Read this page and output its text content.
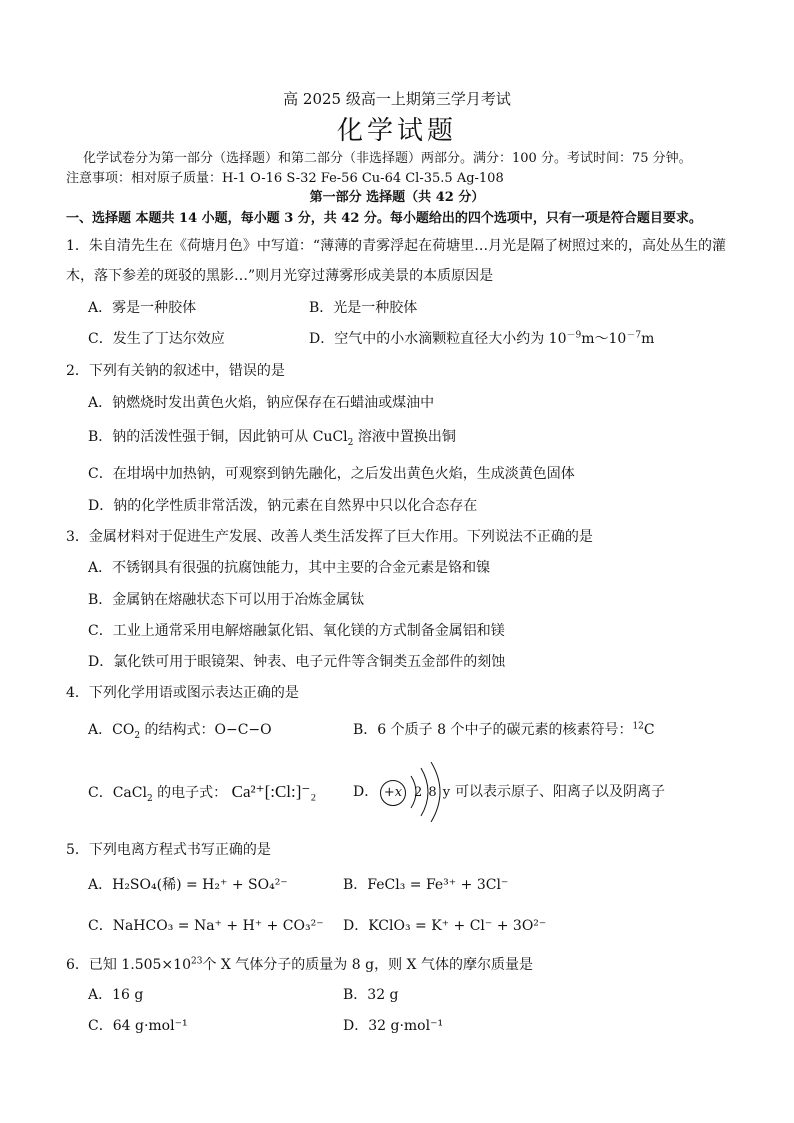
高 2025 级高一上期第三学月考试
化学试题
化学试卷分为第一部分（选择题）和第二部分（非选择题）两部分。满分：100 分。考试时间：75 分钟。
注意事项：相对原子质量：H-1 O-16 S-32 Fe-56 Cu-64 Cl-35.5 Ag-108
第一部分 选择题（共 42 分）
一、选择题 本题共 14 小题，每小题 3 分，共 42 分。每小题给出的四个选项中，只有一项是符合题目要求。
1．朱自清先生在《荷塘月色》中写道：“薄薄的青雾浮起在荷塘里…月光是隔了树照过来的，高处丛生的灌
木，落下参差的斑驳的黑影…”则月光穿过薄雾形成美景的本质原因是
A．雾是一种胶体	B．光是一种胶体
C．发生了丁达尔效应	D．空气中的小水滴颗粒直径大小约为 $10^{-9}m\sim 10^{-7}m$
2．下列有关钠的叙述中，错误的是
A．钠燃烧时发出黄色火焰，钠应保存在石蜡油或煤油中
B．钠的活泼性强于铜，因此钠可从 CuCl$_2$ 溶液中置换出铜
C．在坩埚中加热钠，可观察到钠先融化，之后发出黄色火焰，生成淡黄色固体
D．钠的化学性质非常活泼，钠元素在自然界中只以化合态存在
3．金属材料对于促进生产发展、改善人类生活发挥了巨大作用。下列说法不正确的是
A．不锈钢具有很强的抗腐蚀能力，其中主要的合金元素是铬和镍
B．金属钠在熔融状态下可以用于冶炼金属钛
C．工业上通常采用电解熔融氯化铝、氧化镁的方式制备金属铝和镁
D．氯化铁可用于眼镜架、钟表、电子元件等含铜类五金部件的刻蚀
4．下列化学用语或图示表达正确的是
A．$CO_2$ 的结构式：O−C−O	B．6 个质子 8 个中子的碳元素的核素符号：$^{12}$C
C．CaCl$_2$ 的电子式： Ca²⁺[:Cl:]⁻₂	D． +x 2 8 y 可以表示原子、阳离子以及阴离子
5．下列电离方程式书写正确的是
A．H₂SO₄(稀) = H₂⁺ + SO₄²⁻	B．FeCl₃ = Fe³⁺ + 3Cl⁻
C．NaHCO₃ = Na⁺ + H⁺ + CO₃²⁻ D．KClO₃ = K⁺ + Cl⁻ + 3O²⁻
6．已知 $1.505\times 10^{23}$个 X 气体分子的质量为 8 g，则 X 气体的摩尔质量是
A．16 g	B．32 g
C．64 g·mol⁻¹	D．32 g·mol⁻¹
